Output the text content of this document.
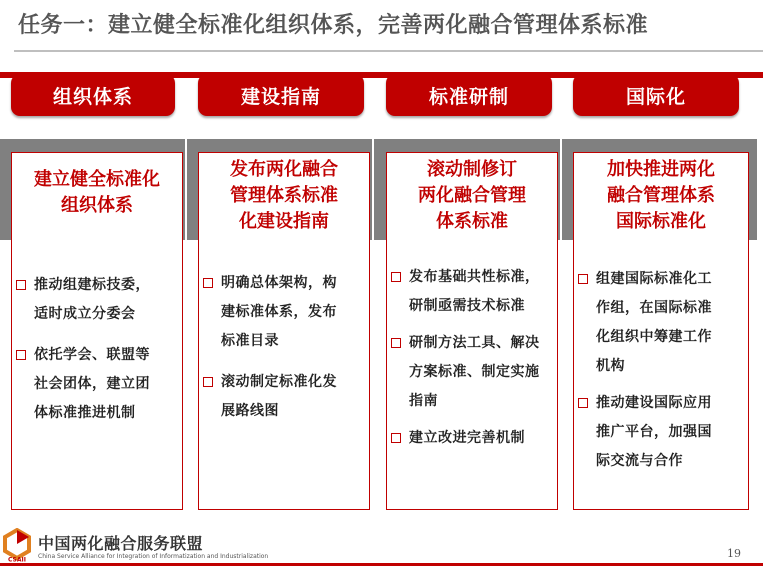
任务一：建立健全标准化组织体系，完善两化融合管理体系标准
组织体系	建设指南	标准研制	国际化
建立健全标准化
组织体系
推动组建标技委，
适时成立分委会
依托学会、联盟等
社会团体，建立团
体标准推进机制
发布两化融合
管理体系标准
化建设指南
明确总体架构，构
建标准体系，发布
标准目录
滚动制定标准化发
展路线图
滚动制修订
两化融合管理
体系标准
发布基础共性标准，
研制亟需技术标准
研制方法工具、解决
方案标准、制定实施
指南
建立改进完善机制
加快推进两化
融合管理体系
国际标准化
组建国际标准化工
作组，在国际标准
化组织中筹建工作
机构
推动建设国际应用
推广平台，加强国
际交流与合作
CSAII
中国两化融合服务联盟
China Service Alliance for Integration of Informatization and Industrialization	19
